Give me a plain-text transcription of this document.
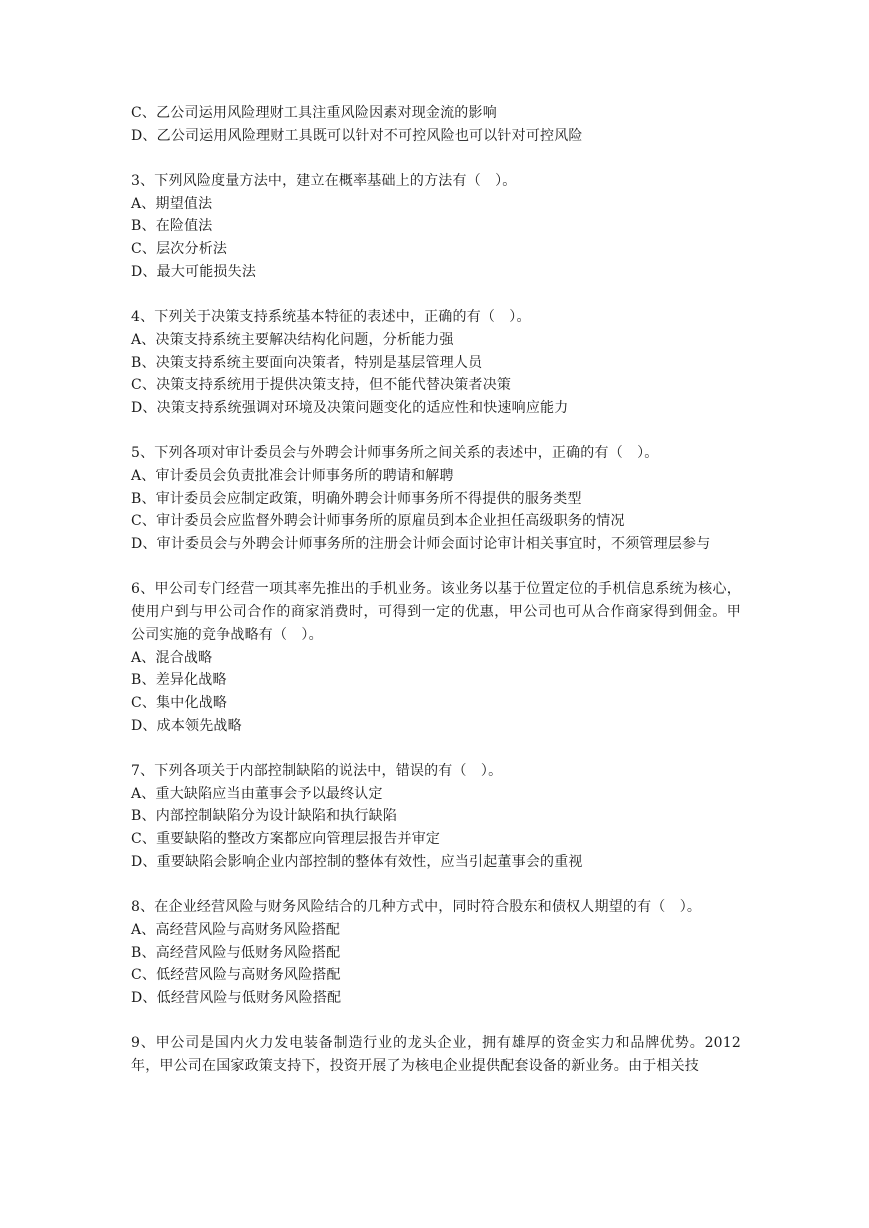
C、乙公司运用风险理财工具注重风险因素对现金流的影响
D、乙公司运用风险理财工具既可以针对不可控风险也可以针对可控风险
3、下列风险度量方法中，建立在概率基础上的方法有（　）。
A、期望值法
B、在险值法
C、层次分析法
D、最大可能损失法
4、下列关于决策支持系统基本特征的表述中，正确的有（　）。
A、决策支持系统主要解决结构化问题，分析能力强
B、决策支持系统主要面向决策者，特别是基层管理人员
C、决策支持系统用于提供决策支持，但不能代替决策者决策
D、决策支持系统强调对环境及决策问题变化的适应性和快速响应能力
5、下列各项对审计委员会与外聘会计师事务所之间关系的表述中，正确的有（　）。
A、审计委员会负责批准会计师事务所的聘请和解聘
B、审计委员会应制定政策，明确外聘会计师事务所不得提供的服务类型
C、审计委员会应监督外聘会计师事务所的原雇员到本企业担任高级职务的情况
D、审计委员会与外聘会计师事务所的注册会计师会面讨论审计相关事宜时，不须管理层参与
6、甲公司专门经营一项其率先推出的手机业务。该业务以基于位置定位的手机信息系统为核心，使用户到与甲公司合作的商家消费时，可得到一定的优惠，甲公司也可从合作商家得到佣金。甲公司实施的竞争战略有（　）。
A、混合战略
B、差异化战略
C、集中化战略
D、成本领先战略
7、下列各项关于内部控制缺陷的说法中，错误的有（　）。
A、重大缺陷应当由董事会予以最终认定
B、内部控制缺陷分为设计缺陷和执行缺陷
C、重要缺陷的整改方案都应向管理层报告并审定
D、重要缺陷会影响企业内部控制的整体有效性，应当引起董事会的重视
8、在企业经营风险与财务风险结合的几种方式中，同时符合股东和债权人期望的有（　）。
A、高经营风险与高财务风险搭配
B、高经营风险与低财务风险搭配
C、低经营风险与高财务风险搭配
D、低经营风险与低财务风险搭配
9、甲公司是国内火力发电装备制造行业的龙头企业，拥有雄厚的资金实力和品牌优势。2012年，甲公司在国家政策支持下，投资开展了为核电企业提供配套设备的新业务。由于相关技
